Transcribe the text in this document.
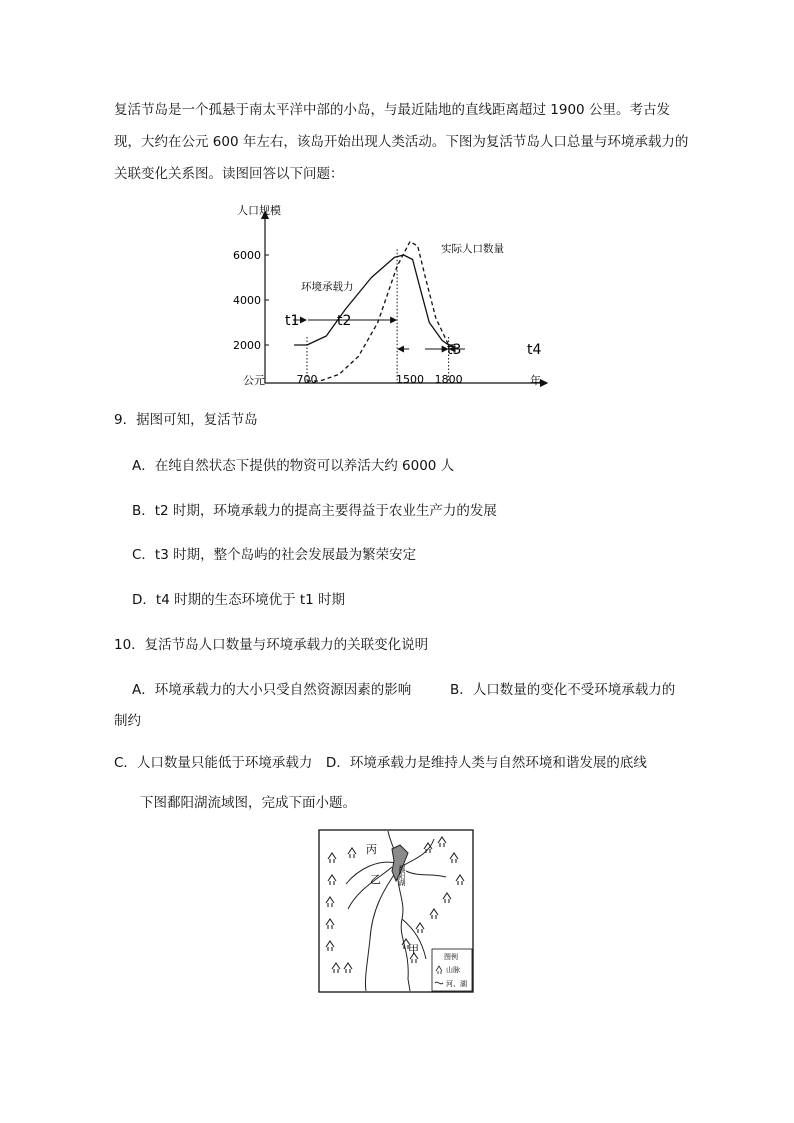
复活节岛是一个孤悬于南太平洋中部的小岛，与最近陆地的直线距离超过 1900 公里。考古发现，大约在公元 600 年左右，该岛开始出现人类活动。下图为复活节岛人口总量与环境承载力的关联变化关系图。读图回答以下问题：

人口规模
公元	年
2000
4000
6000
700	1500 1800
环境承载力
实际人口数量
t1	t2
t3	t4
9．据图可知，复活节岛
A．在纯自然状态下提供的物资可以养活大约 6000 人
B．t2 时期，环境承载力的提高主要得益于农业生产力的发展
C．t3 时期，整个岛屿的社会发展最为繁荣安定
D．t4 时期的生态环境优于 t1 时期
10．复活节岛人口数量与环境承载力的关联变化说明
A．环境承载力的大小只受自然资源因素的影响	B．人口数量的变化不受环境承载力的
制约
C．人口数量只能低于环境承载力　D．环境承载力是维持人类与自然环境和谐发展的底线
下图鄱阳湖流域图，完成下面小题。
鄱阳湖
丙
乙
甲
图例
山脉
河、湖
